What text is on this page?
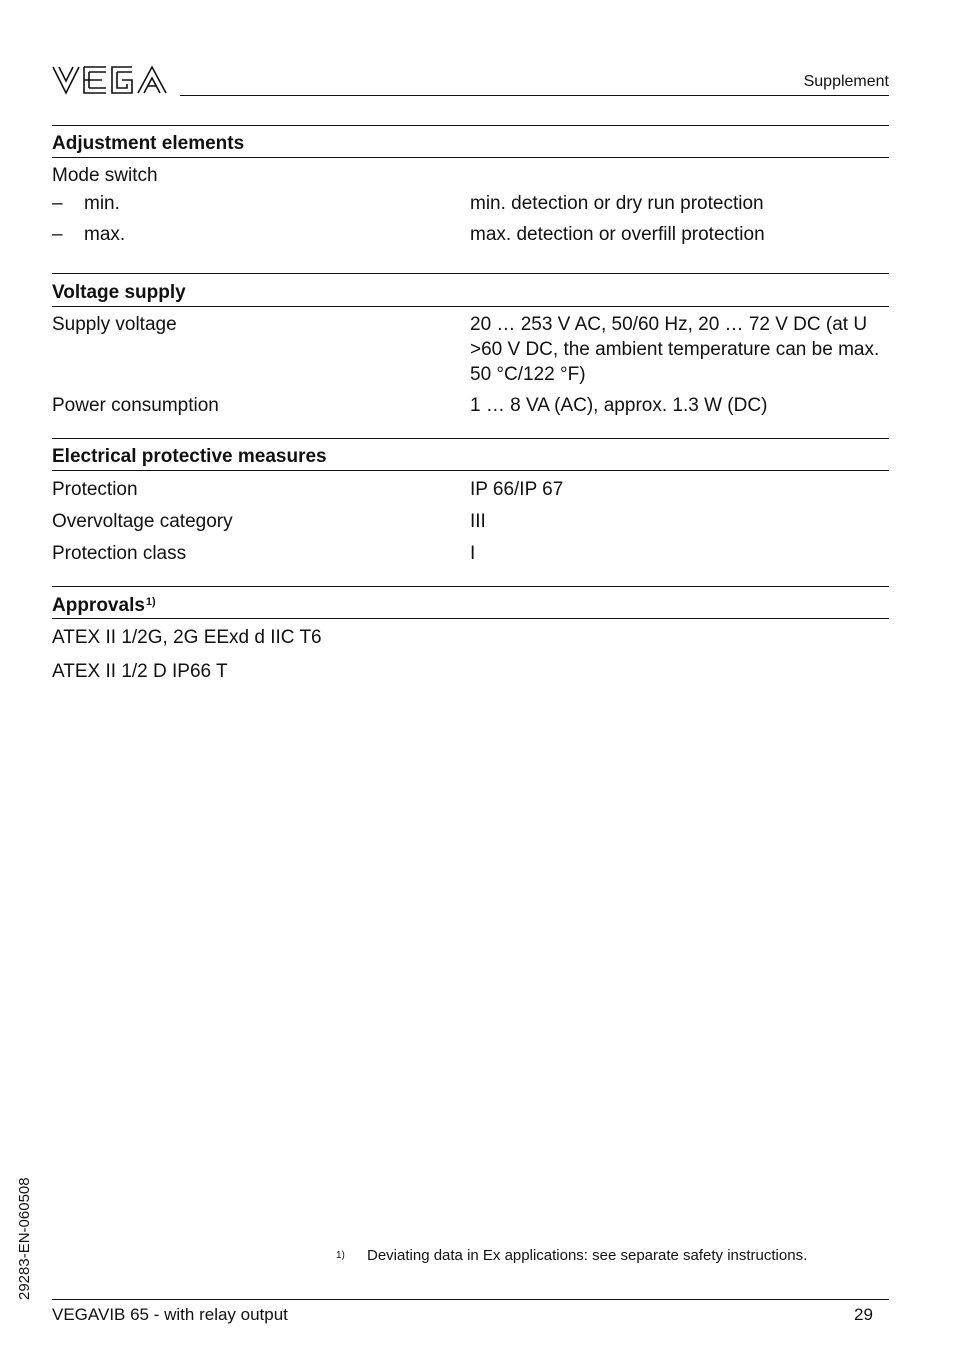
Supplement
Adjustment elements
Mode switch
– min.	min. detection or dry run protection
– max.	max. detection or overfill protection
Voltage supply
Supply voltage	20 … 253 V AC, 50/60 Hz, 20 … 72 V DC (at U >60 V DC, the ambient temperature can be max. 50 °C/122 °F)
Power consumption	1 … 8 VA (AC), approx. 1.3 W (DC)
Electrical protective measures
Protection	IP 66/IP 67
Overvoltage category	III
Protection class	I
Approvals$^{1)}$
ATEX II 1/2G, 2G EExd d IIC T6
ATEX II 1/2 D IP66 T
1) Deviating data in Ex applications: see separate safety instructions.
29283-EN-060508
VEGAVIB 65 - with relay output	29
